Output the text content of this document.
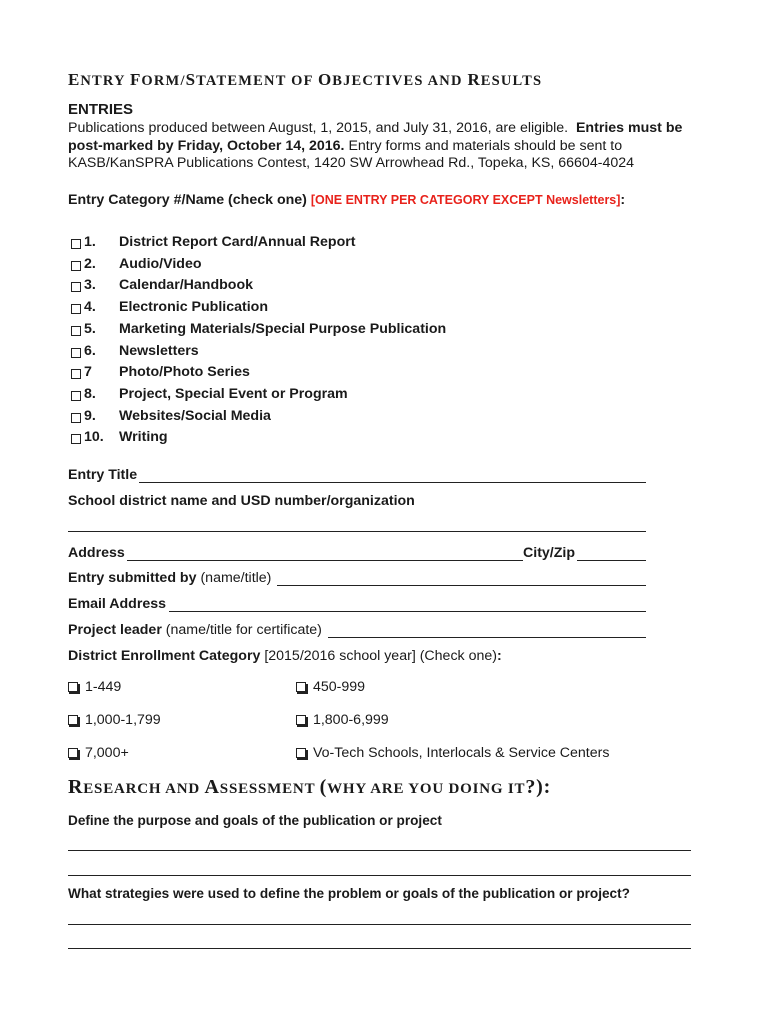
ENTRY FORM/STATEMENT OF OBJECTIVES AND RESULTS
ENTRIES
Publications produced between August, 1, 2015, and July 31, 2016, are eligible. Entries must be
post-marked by Friday, October 14, 2016. Entry forms and materials should be sent to
KASB/KanSPRA Publications Contest, 1420 SW Arrowhead Rd., Topeka, KS, 66604-4024
Entry Category #/Name (check one) [ONE ENTRY PER CATEGORY EXCEPT Newsletters]:
1. District Report Card/Annual Report
2. Audio/Video
3. Calendar/Handbook
4. Electronic Publication
5. Marketing Materials/Special Purpose Publication
6. Newsletters
7 Photo/Photo Series
8. Project, Special Event or Program
9. Websites/Social Media
10. Writing
Entry Title
School district name and USD number/organization
Address	City/Zip
Entry submitted by (name/title)
Email Address
Project leader (name/title for certificate)
District Enrollment Category [2015/2016 school year] (Check one):
1-449	450-999
1,000-1,799	1,800-6,999
7,000+	Vo-Tech Schools, Interlocals & Service Centers
RESEARCH AND ASSESSMENT (WHY ARE YOU DOING IT?):
Define the purpose and goals of the publication or project
What strategies were used to define the problem or goals of the publication or project?
